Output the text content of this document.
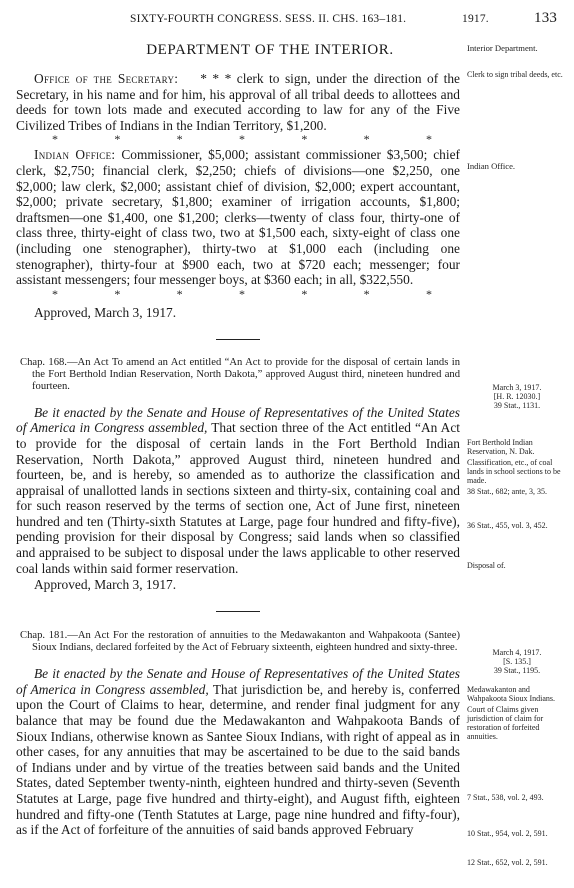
SIXTY-FOURTH CONGRESS. SESS. II. CHS. 163–181.	1917.	133
DEPARTMENT OF THE INTERIOR.

Office of the Secretary: * * * clerk to sign, under the direction of the Secretary, in his name and for him, his approval of all tribal deeds to allottees and deeds for town lots made and executed according to law for any of the Five Civilized Tribes of Indians in the Indian Territory, $1,200.

*	*	*	*	*	*	*

Indian Office: Commissioner, $5,000; assistant commissioner $3,500; chief clerk, $2,750; financial clerk, $2,250; chiefs of divisions—one $2,250, one $2,000; law clerk, $2,000; assistant chief of division, $2,000; expert accountant, $2,000; private secretary, $1,800; examiner of irrigation accounts, $1,800; draftsmen—one $1,400, one $1,200; clerks—twenty of class four, thirty-one of class three, thirty-eight of class two, two at $1,500 each, sixty-eight of class one (including one stenographer), thirty-two at $1,000 each (including one stenographer), thirty-four at $900 each, two at $720 each; messenger; four assistant messengers; four messenger boys, at $360 each; in all, $322,550.

*	*	*	*	*	*	*

Approved, March 3, 1917.

Chap. 168.—An Act To amend an Act entitled “An Act to provide for the disposal of certain lands in the Fort Berthold Indian Reservation, North Dakota,” approved August third, nineteen hundred and fourteen.

Be it enacted by the Senate and House of Representatives of the United States of America in Congress assembled, That section three of the Act entitled “An Act to provide for the disposal of certain lands in the Fort Berthold Indian Reservation, North Dakota,” approved August third, nineteen hundred and fourteen, be, and is hereby, so amended as to authorize the classification and appraisal of unallotted lands in sections sixteen and thirty-six, containing coal and for such reason reserved by the terms of section one, Act of June first, nineteen hundred and ten (Thirty-sixth Statutes at Large, page four hundred and fifty-five), pending provision for their disposal by Congress; said lands when so classified and appraised to be subject to disposal under the laws applicable to other reserved coal lands within said former reservation.

Approved, March 3, 1917.

Chap. 181.—An Act For the restoration of annuities to the Medawakanton and Wahpakoota (Santee) Sioux Indians, declared forfeited by the Act of February sixteenth, eighteen hundred and sixty-three.

Be it enacted by the Senate and House of Representatives of the United States of America in Congress assembled, That jurisdiction be, and hereby is, conferred upon the Court of Claims to hear, determine, and render final judgment for any balance that may be found due the Medawakanton and Wahpakoota Bands of Sioux Indians, otherwise known as Santee Sioux Indians, with right of appeal as in other cases, for any annuities that may be ascertained to be due to the said bands of Indians under and by virtue of the treaties between said bands and the United States, dated September twenty-ninth, eighteen hundred and thirty-seven (Seventh Statutes at Large, page five hundred and thirty-eight), and August fifth, eighteen hundred and fifty-one (Tenth Statutes at Large, page nine hundred and fifty-four), as if the Act of forfeiture of the annuities of said bands approved February

Interior Department.
Clerk to sign tribal deeds, etc.
Indian Office.
March 3, 1917.
[H. R. 12030.]
39 Stat., 1131.
Fort Berthold Indian Reservation, N. Dak.
Classification, etc., of coal lands in school sections to be made.
38 Stat., 682; ante, 3, 35.
36 Stat., 455, vol. 3, 452.
Disposal of.
March 4, 1917.
[S. 135.]
39 Stat., 1195.
Medawakanton and Wahpakoota Sioux Indians.
Court of Claims given jurisdiction of claim for restoration of forfeited annuities.
7 Stat., 538, vol. 2, 493.
10 Stat., 954, vol. 2, 591.
12 Stat., 652, vol. 2, 591.
